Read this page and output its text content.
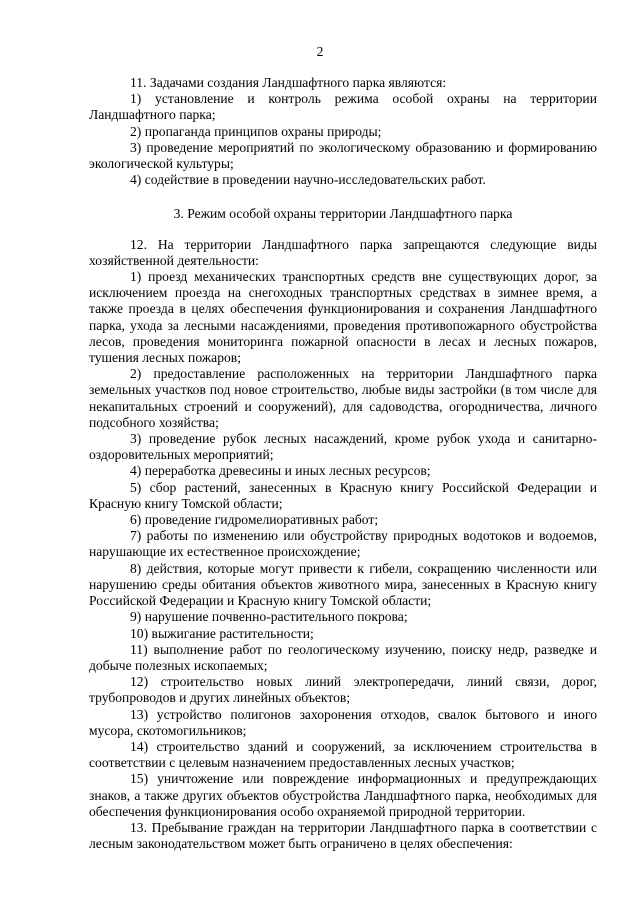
2

11. Задачами создания Ландшафтного парка являются:

1) установление и контроль режима особой охраны на территории Ландшафтного парка;

2) пропаганда принципов охраны природы;

3) проведение мероприятий по экологическому образованию и формированию экологической культуры;

4) содействие в проведении научно-исследовательских работ.

3. Режим особой охраны территории Ландшафтного парка

12. На территории Ландшафтного парка запрещаются следующие виды хозяйственной деятельности:

1) проезд механических транспортных средств вне существующих дорог, за исключением проезда на снегоходных транспортных средствах в зимнее время, а также проезда в целях обеспечения функционирования и сохранения Ландшафтного парка, ухода за лесными насаждениями, проведения противопожарного обустройства лесов, проведения мониторинга пожарной опасности в лесах и лесных пожаров, тушения лесных пожаров;

2) предоставление расположенных на территории Ландшафтного парка земельных участков под новое строительство, любые виды застройки (в том числе для некапитальных строений и сооружений), для садоводства, огородничества, личного подсобного хозяйства;

3) проведение рубок лесных насаждений, кроме рубок ухода и санитарно-оздоровительных мероприятий;

4) переработка древесины и иных лесных ресурсов;

5) сбор растений, занесенных в Красную книгу Российской Федерации и Красную книгу Томской области;

6) проведение гидромелиоративных работ;

7) работы по изменению или обустройству природных водотоков и водоемов, нарушающие их естественное происхождение;

8) действия, которые могут привести к гибели, сокращению численности или нарушению среды обитания объектов животного мира, занесенных в Красную книгу Российской Федерации и Красную книгу Томской области;

9) нарушение почвенно-растительного покрова;

10) выжигание растительности;

11) выполнение работ по геологическому изучению, поиску недр, разведке и добыче полезных ископаемых;

12) строительство новых линий электропередачи, линий связи, дорог, трубопроводов и других линейных объектов;

13) устройство полигонов захоронения отходов, свалок бытового и иного мусора, скотомогильников;

14) строительство зданий и сооружений, за исключением строительства в соответствии с целевым назначением предоставленных лесных участков;

15) уничтожение или повреждение информационных и предупреждающих знаков, а также других объектов обустройства Ландшафтного парка, необходимых для обеспечения функционирования особо охраняемой природной территории.

13. Пребывание граждан на территории Ландшафтного парка в соответствии с лесным законодательством может быть ограничено в целях обеспечения:
